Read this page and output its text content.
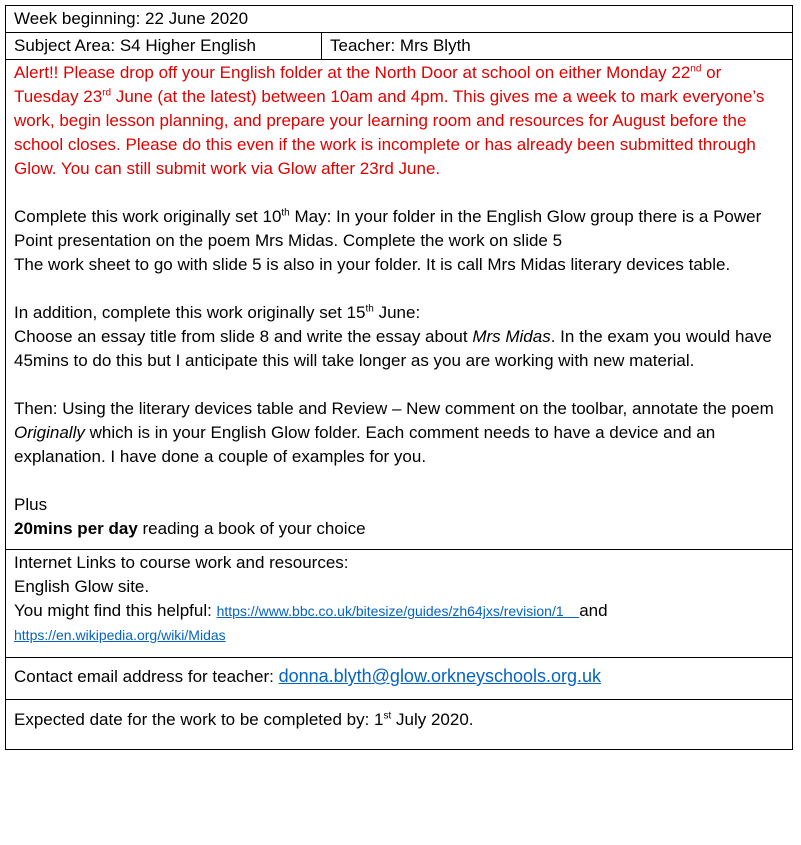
Week beginning: 22 June 2020
Subject Area: S4 Higher English	Teacher: Mrs Blyth

Alert!! Please drop off your English folder at the North Door at school on either Monday 22nd or Tuesday 23rd June (at the latest) between 10am and 4pm. This gives me a week to mark everyone’s work, begin lesson planning, and prepare your learning room and resources for August before the school closes. Please do this even if the work is incomplete or has already been submitted through Glow. You can still submit work via Glow after 23rd June.

Complete this work originally set 10th May: In your folder in the English Glow group there is a Power Point presentation on the poem Mrs Midas. Complete the work on slide 5
The work sheet to go with slide 5 is also in your folder. It is call Mrs Midas literary devices table.

In addition, complete this work originally set 15th June:
Choose an essay title from slide 8 and write the essay about Mrs Midas. In the exam you would have 45mins to do this but I anticipate this will take longer as you are working with new material.

Then: Using the literary devices table and Review – New comment on the toolbar, annotate the poem Originally which is in your English Glow folder. Each comment needs to have a device and an explanation. I have done a couple of examples for you.

Plus
20mins per day reading a book of your choice

Internet Links to course work and resources:
English Glow site.
You might find this helpful: https://www.bbc.co.uk/bitesize/guides/zh64jxs/revision/1 and
https://en.wikipedia.org/wiki/Midas
Contact email address for teacher: donna.blyth@glow.orkneyschools.org.uk
Expected date for the work to be completed by: 1st July 2020.
